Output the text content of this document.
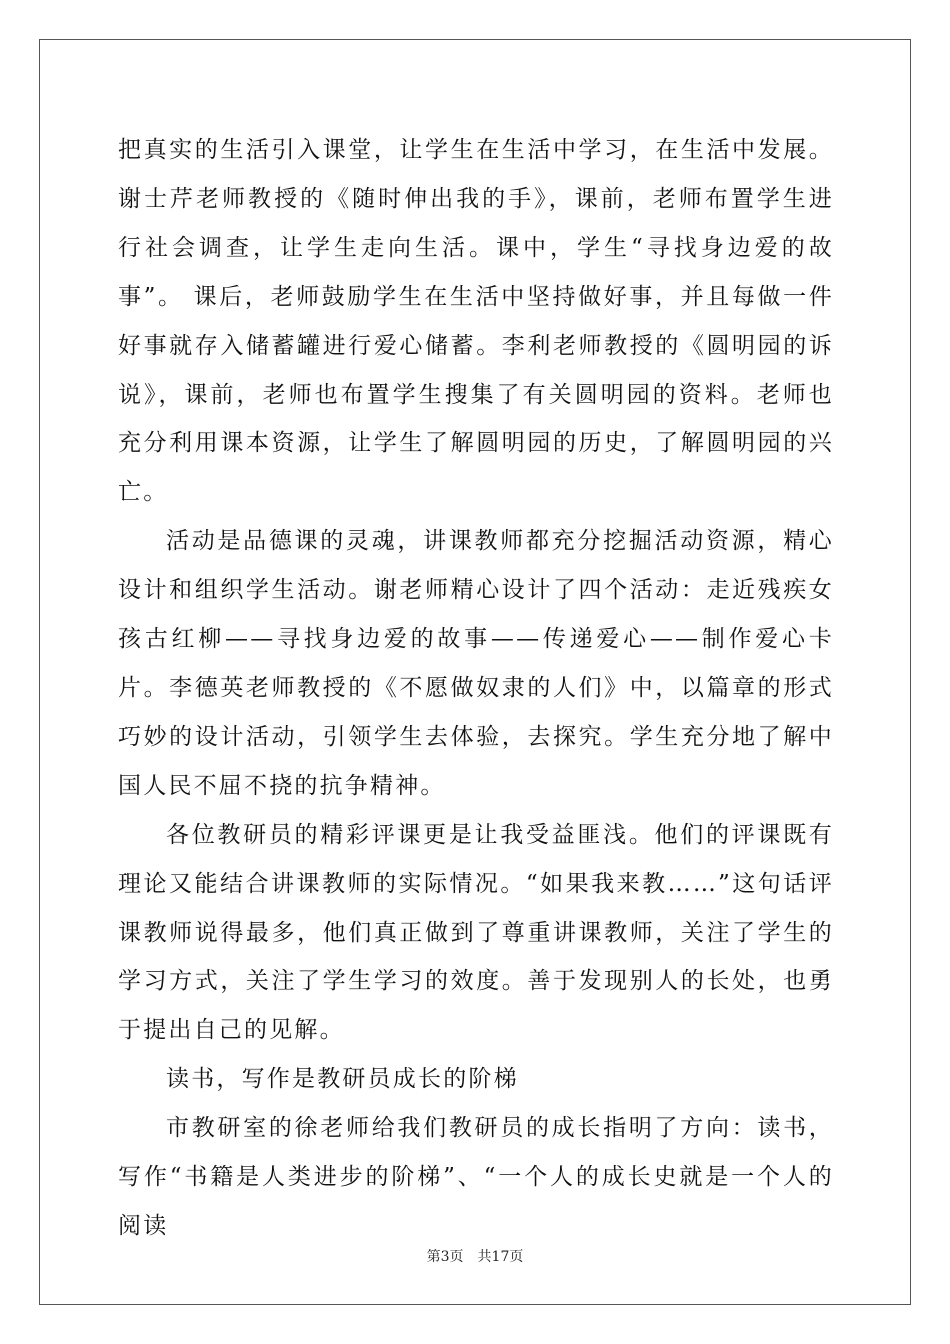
把真实的生活引入课堂，让学生在生活中学习，在生活中发展。谢士芹老师教授的《随时伸出我的手》，课前，老师布置学生进行社会调查，让学生走向生活。课中，学生“寻找身边爱的故事”。 课后，老师鼓励学生在生活中坚持做好事，并且每做一件好事就存入储蓄罐进行爱心储蓄。李利老师教授的《圆明园的诉说》，课前，老师也布置学生搜集了有关圆明园的资料。老师也充分利用课本资源，让学生了解圆明园的历史，了解圆明园的兴亡。

活动是品德课的灵魂，讲课教师都充分挖掘活动资源，精心设计和组织学生活动。谢老师精心设计了四个活动：走近残疾女孩古红柳——寻找身边爱的故事——传递爱心——制作爱心卡片。李德英老师教授的《不愿做奴隶的人们》中，以篇章的形式巧妙的设计活动，引领学生去体验，去探究。学生充分地了解中国人民不屈不挠的抗争精神。

各位教研员的精彩评课更是让我受益匪浅。他们的评课既有理论又能结合讲课教师的实际情况。“如果我来教……”这句话评课教师说得最多，他们真正做到了尊重讲课教师，关注了学生的学习方式，关注了学生学习的效度。善于发现别人的长处，也勇于提出自己的见解。

读书，写作是教研员成长的阶梯

市教研室的徐老师给我们教研员的成长指明了方向：读书，写作“书籍是人类进步的阶梯”、“一个人的成长史就是一个人的阅读

第3页　共17页
